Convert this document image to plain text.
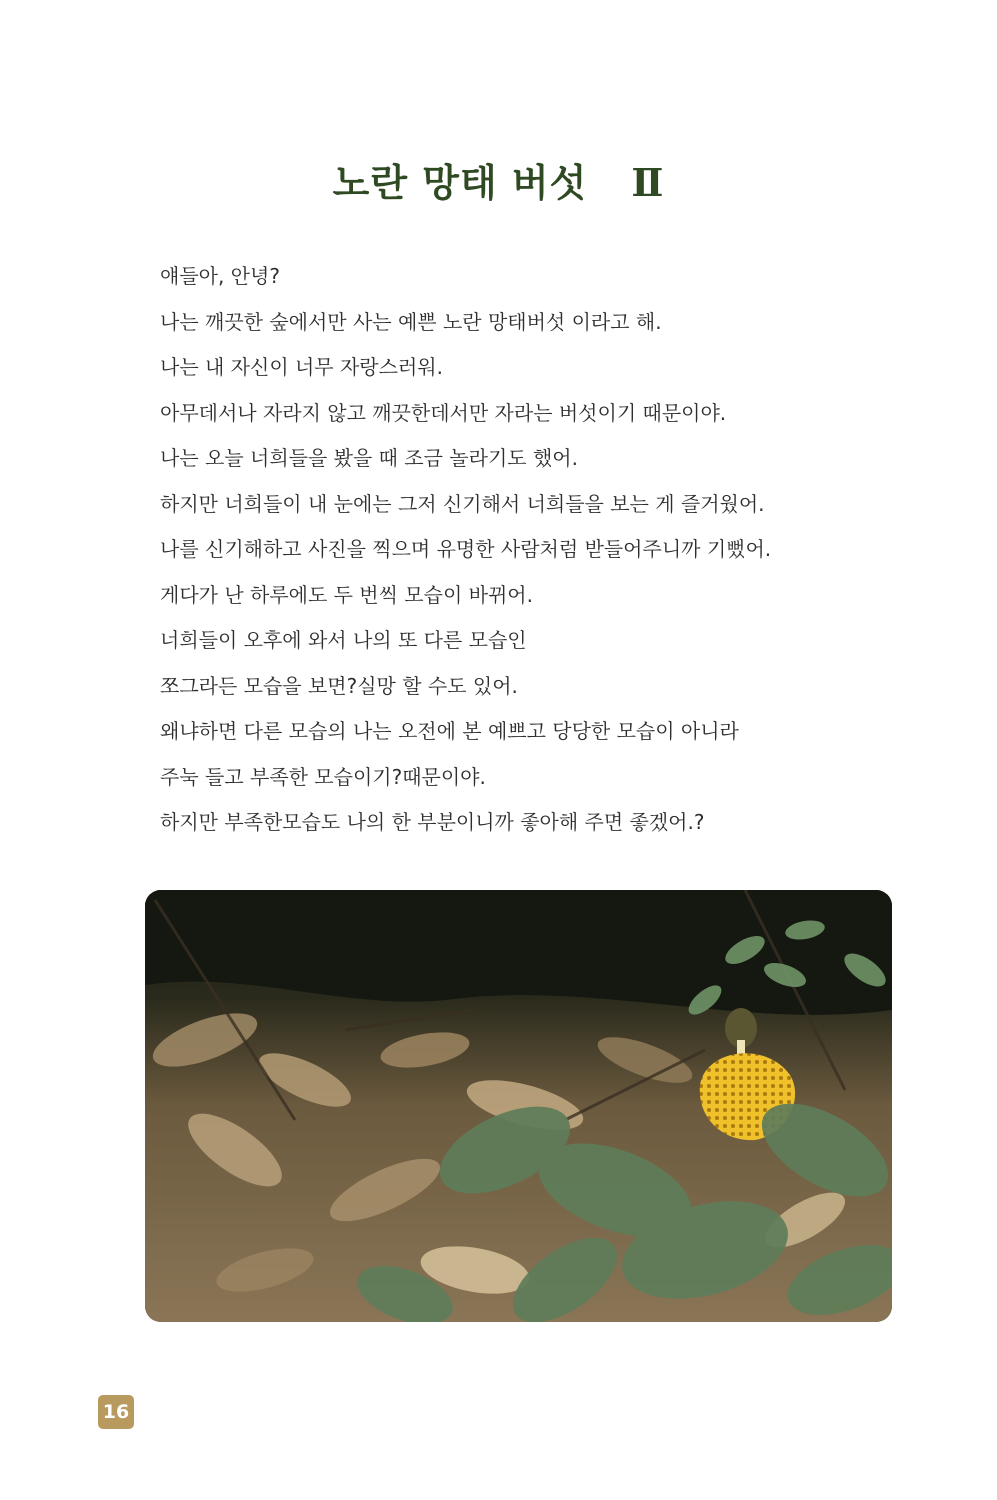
노란 망태 버섯 Ⅱ
얘들아, 안녕?
나는 깨끗한 숲에서만 사는 예쁜 노란 망태버섯 이라고 해.
나는 내 자신이 너무 자랑스러워.
아무데서나 자라지 않고 깨끗한데서만 자라는 버섯이기 때문이야.
나는 오늘 너희들을 봤을 때 조금 놀라기도 했어.
하지만 너희들이 내 눈에는 그저 신기해서 너희들을 보는 게 즐거웠어.
나를 신기해하고 사진을 찍으며 유명한 사람처럼 받들어주니까 기뻤어.
게다가 난 하루에도 두 번씩 모습이 바뀌어.
너희들이 오후에 와서 나의 또 다른 모습인
쪼그라든 모습을 보면?실망 할 수도 있어.
왜냐하면 다른 모습의 나는 오전에 본 예쁘고 당당한 모습이 아니라
주눅 들고 부족한 모습이기?때문이야.
하지만 부족한모습도 나의 한 부분이니까 좋아해 주면 좋겠어.?
16
